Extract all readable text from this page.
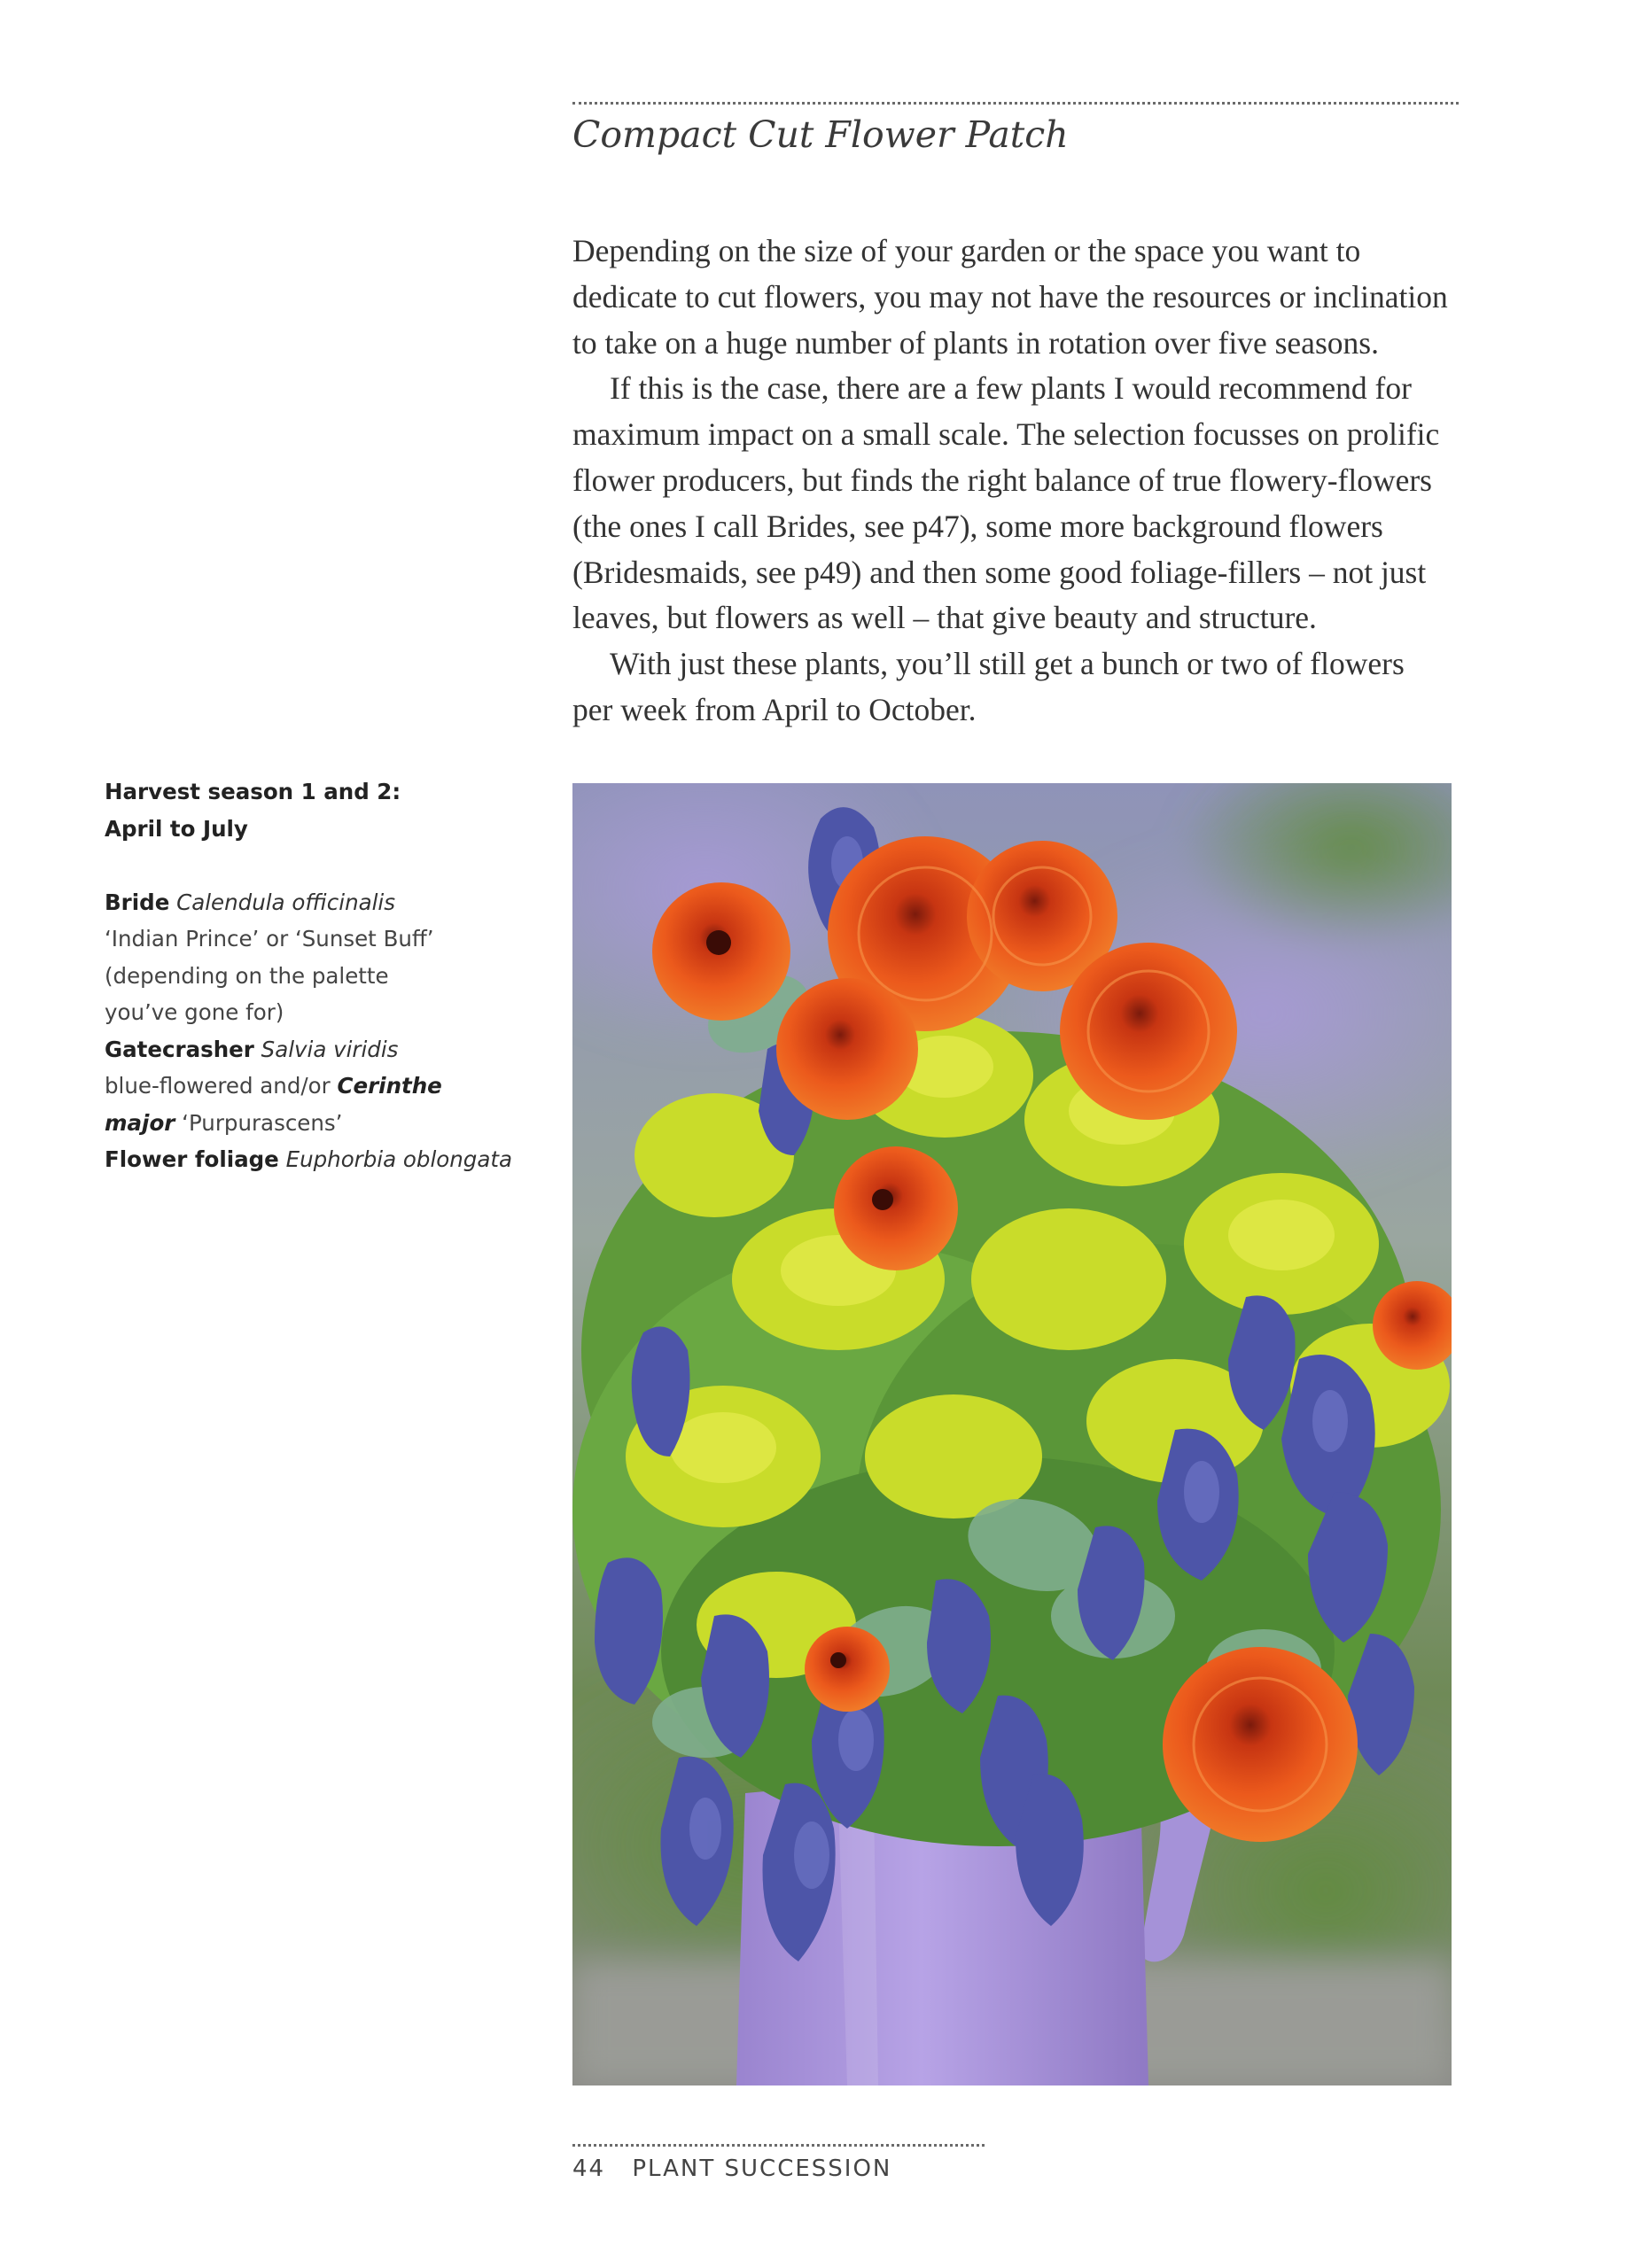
Compact Cut Flower Patch
Depending on the size of your garden or the space you want to
dedicate to cut flowers, you may not have the resources or inclination
to take on a huge number of plants in rotation over five seasons.
If this is the case, there are a few plants I would recommend for
maximum impact on a small scale. The selection focusses on prolific
flower producers, but finds the right balance of true flowery-flowers
(the ones I call Brides, see p47), some more background flowers
(Bridesmaids, see p49) and then some good foliage-fillers – not just
leaves, but flowers as well – that give beauty and structure.
With just these plants, you’ll still get a bunch or two of flowers
per week from April to October.
Harvest season 1 and 2:
April to July
Bride Calendula officinalis
‘Indian Prince’ or ‘Sunset Buff’
(depending on the palette
you’ve gone for)
Gatecrasher Salvia viridis
blue-flowered and/or Cerinthe
major ‘Purpurascens’
Flower foliage Euphorbia oblongata
44 PLANT SUCCESSION
